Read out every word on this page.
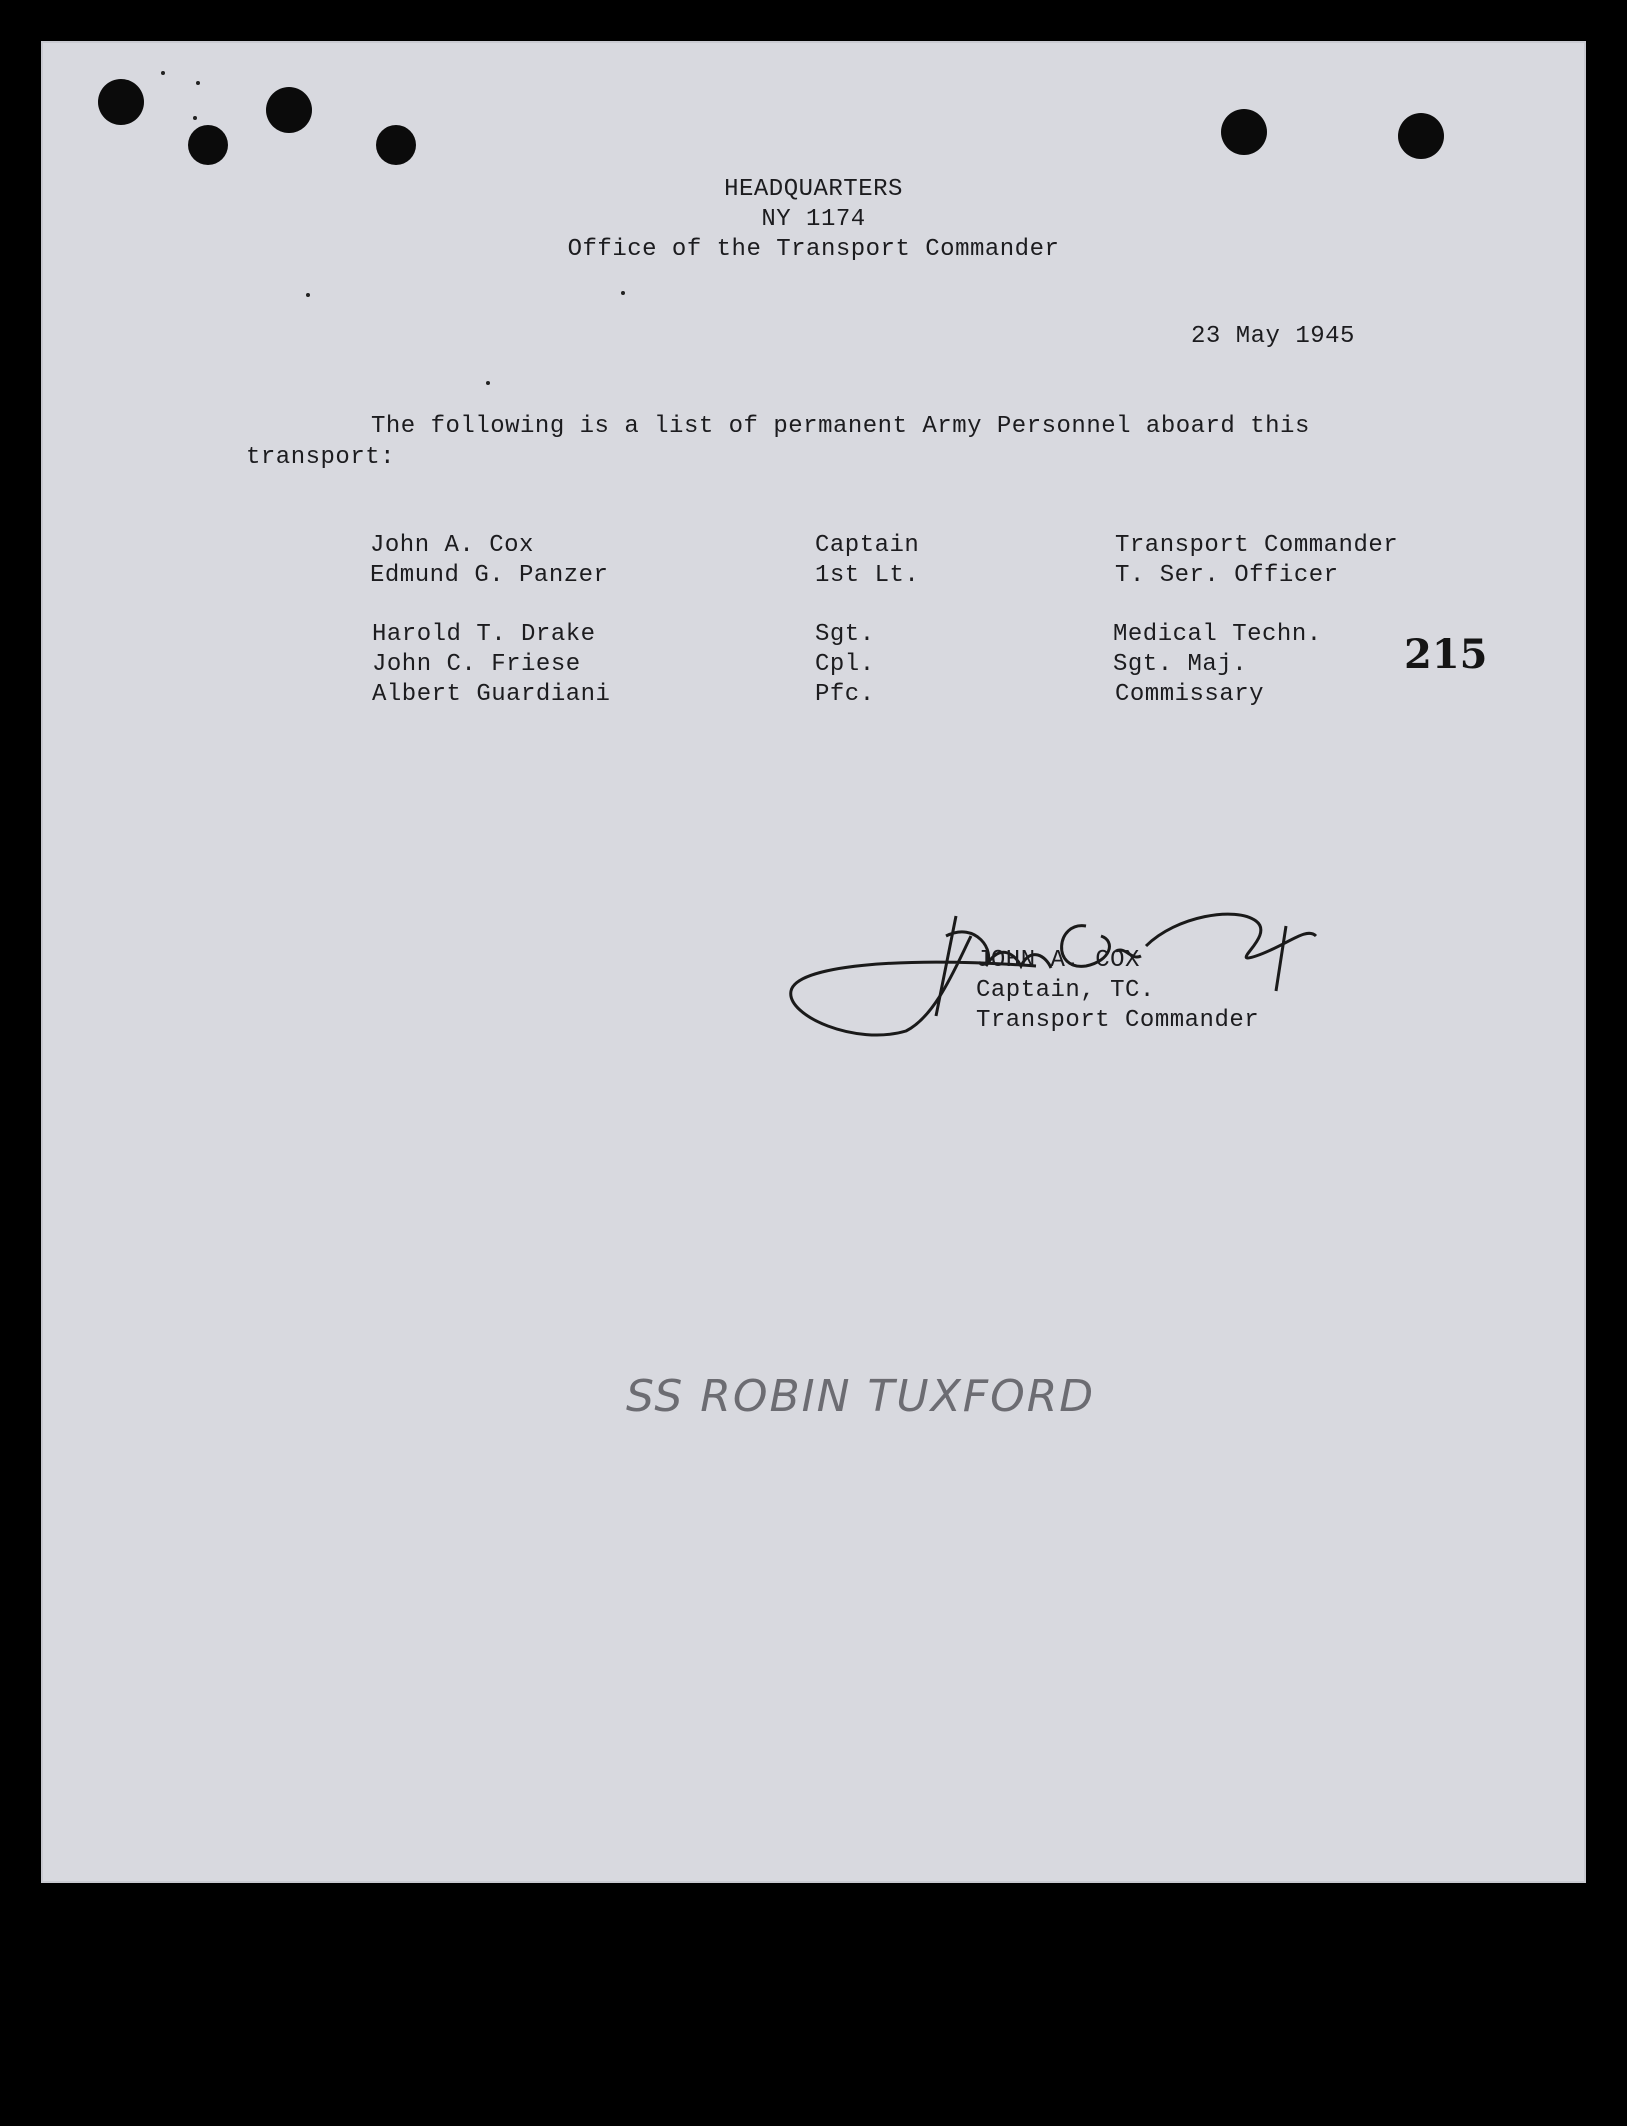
HEADQUARTERS
NY 1174
Office of the Transport Commander
23 May 1945
The following is a list of permanent Army Personnel aboard this
transport:
John A. Cox	Captain	Transport Commander
Edmund G. Panzer	1st Lt.	T. Ser. Officer
Harold T. Drake	Sgt.	Medical Techn.
John C. Friese	Cpl.	Sgt. Maj.
Albert Guardiani	Pfc.	Commissary
215
JOHN A. COX
Captain, TC.
Transport Commander
SS ROBIN TUXFORD
